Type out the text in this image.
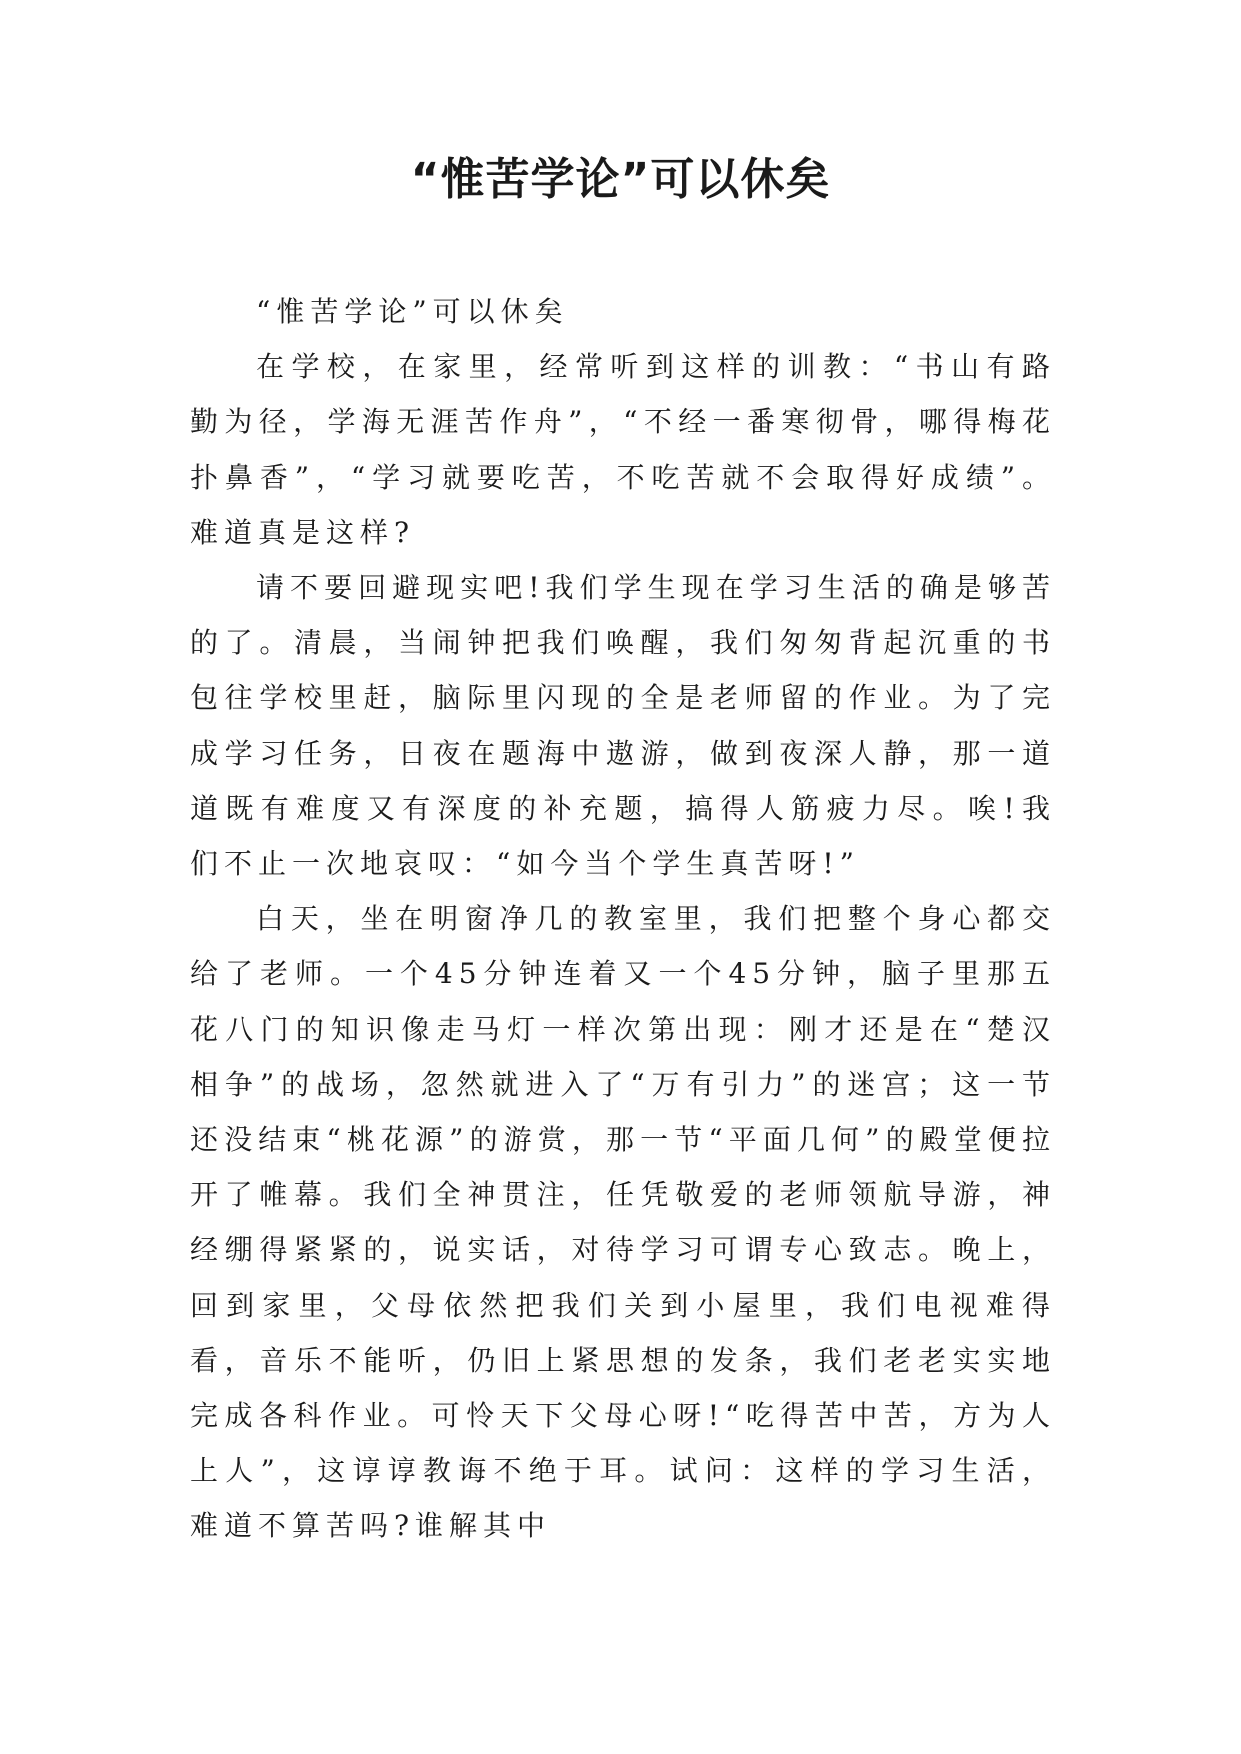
“惟苦学论”可以休矣

“惟苦学论”可以休矣

在学校，在家里，经常听到这样的训教：“书山有路勤为径，学海无涯苦作舟”，“不经一番寒彻骨，哪得梅花扑鼻香”，“学习就要吃苦，不吃苦就不会取得好成绩”。难道真是这样?

请不要回避现实吧!我们学生现在学习生活的确是够苦的了。清晨，当闹钟把我们唤醒，我们匆匆背起沉重的书包往学校里赶，脑际里闪现的全是老师留的作业。为了完成学习任务，日夜在题海中遨游，做到夜深人静，那一道道既有难度又有深度的补充题，搞得人筋疲力尽。唉!我们不止一次地哀叹：“如今当个学生真苦呀!”

白天，坐在明窗净几的教室里，我们把整个身心都交给了老师。一个45分钟连着又一个45分钟，脑子里那五花八门的知识像走马灯一样次第出现：刚才还是在“楚汉相争”的战场，忽然就进入了“万有引力”的迷宫；这一节还没结束“桃花源”的游赏，那一节“平面几何”的殿堂便拉开了帷幕。我们全神贯注，任凭敬爱的老师领航导游，神经绷得紧紧的，说实话，对待学习可谓专心致志。晚上，回到家里，父母依然把我们关到小屋里，我们电视难得看，音乐不能听，仍旧上紧思想的发条，我们老老实实地完成各科作业。可怜天下父母心呀!“吃得苦中苦，方为人上人”，这谆谆教诲不绝于耳。试问：这样的学习生活，难道不算苦吗?谁解其中
